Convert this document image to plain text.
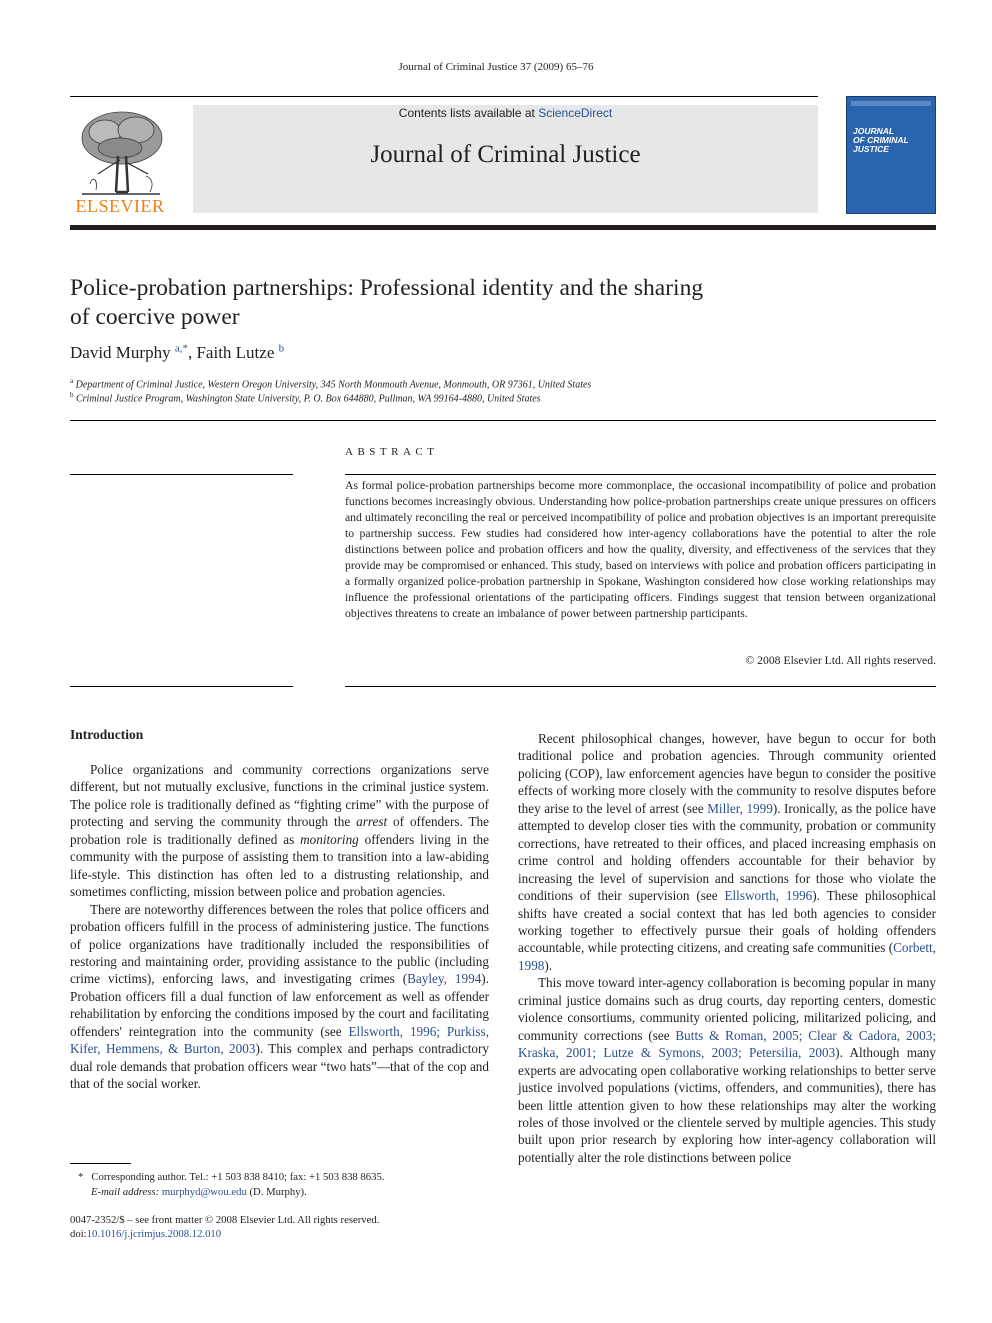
Journal of Criminal Justice 37 (2009) 65–76
ELSEVIER
Contents lists available at ScienceDirect
Journal of Criminal Justice
JOURNAL
OF CRIMINAL
JUSTICE
Police-probation partnerships: Professional identity and the sharing
of coercive power
David Murphy $^{a,*}$, Faith Lutze $^b$
$^a$ Department of Criminal Justice, Western Oregon University, 345 North Monmouth Avenue, Monmouth, OR 97361, United States
$^b$ Criminal Justice Program, Washington State University, P. O. Box 644880, Pullman, WA 99164-4880, United States
ABSTRACT
As formal police-probation partnerships become more commonplace, the occasional incompatibility of police and probation functions becomes increasingly obvious. Understanding how police-probation partnerships create unique pressures on officers and ultimately reconciling the real or perceived incompatibility of police and probation objectives is an important prerequisite to partnership success. Few studies had considered how inter-agency collaborations have the potential to alter the role distinctions between police and probation officers and how the quality, diversity, and effectiveness of the services that they provide may be compromised or enhanced. This study, based on interviews with police and probation officers participating in a formally organized police-probation partnership in Spokane, Washington considered how close working relationships may influence the professional orientations of the participating officers. Findings suggest that tension between organizational objectives threatens to create an imbalance of power between partnership participants.
© 2008 Elsevier Ltd. All rights reserved.
Introduction

Police organizations and community corrections organizations serve different, but not mutually exclusive, functions in the criminal justice system. The police role is traditionally defined as “fighting crime” with the purpose of protecting and serving the community through the arrest of offenders. The probation role is traditionally defined as monitoring offenders living in the community with the purpose of assisting them to transition into a law-abiding life-style. This distinction has often led to a distrusting relationship, and sometimes conflicting, mission between police and probation agencies.

There are noteworthy differences between the roles that police officers and probation officers fulfill in the process of administering justice. The functions of police organizations have traditionally included the responsibilities of restoring and maintaining order, providing assistance to the public (including crime victims), enforcing laws, and investigating crimes (Bayley, 1994). Probation officers fill a dual function of law enforcement as well as offender rehabilitation by enforcing the conditions imposed by the court and facilitating offenders' reintegration into the community (see Ellsworth, 1996; Purkiss, Kifer, Hemmens, & Burton, 2003). This complex and perhaps contradictory dual role demands that probation officers wear “two hats”—that of the cop and that of the social worker.

Recent philosophical changes, however, have begun to occur for both traditional police and probation agencies. Through community oriented policing (COP), law enforcement agencies have begun to consider the positive effects of working more closely with the community to resolve disputes before they arise to the level of arrest (see Miller, 1999). Ironically, as the police have attempted to develop closer ties with the community, probation or community corrections, have retreated to their offices, and placed increasing emphasis on crime control and holding offenders accountable for their behavior by increasing the level of supervision and sanctions for those who violate the conditions of their supervision (see Ellsworth, 1996). These philosophical shifts have created a social context that has led both agencies to consider working together to effectively pursue their goals of holding offenders accountable, while protecting citizens, and creating safe communities (Corbett, 1998).

This move toward inter-agency collaboration is becoming popular in many criminal justice domains such as drug courts, day reporting centers, domestic violence consortiums, community oriented policing, militarized policing, and community corrections (see Butts & Roman, 2005; Clear & Cadora, 2003; Kraska, 2001; Lutze & Symons, 2003; Petersilia, 2003). Although many experts are advocating open collaborative working relationships to better serve justice involved populations (victims, offenders, and communities), there has been little attention given to how these relationships may alter the working roles of those involved or the clientele served by multiple agencies. This study built upon prior research by exploring how inter-agency collaboration will potentially alter the role distinctions between police

* Corresponding author. Tel.: +1 503 838 8410; fax: +1 503 838 8635.
E-mail address: murphyd@wou.edu (D. Murphy).
0047-2352/$ – see front matter © 2008 Elsevier Ltd. All rights reserved.
doi:10.1016/j.jcrimjus.2008.12.010
